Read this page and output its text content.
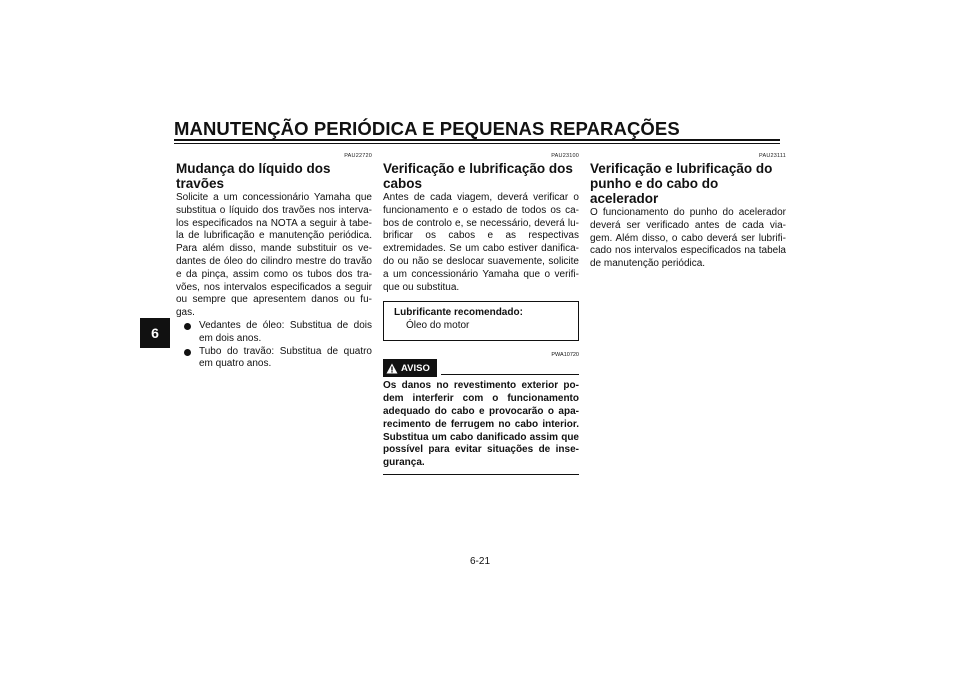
MANUTENÇÃO PERIÓDICA E PEQUENAS REPARAÇÕES
6
PAU22720
Mudança do líquido dos travões

Solicite a um concessionário Yamaha que substitua o líquido dos travões nos intervalos especificados na NOTA a seguir à tabela de lubrificação e manutenção periódica. Para além disso, mande substituir os vedantes de óleo do cilindro mestre do travão e da pinça, assim como os tubos dos travões, nos intervalos especificados a seguir ou sempre que apresentem danos ou fugas.

Vedantes de óleo: Substitua de dois em dois anos.
Tubo do travão: Substitua de quatro em quatro anos.
PAU23100
Verificação e lubrificação dos cabos

Antes de cada viagem, deverá verificar o funcionamento e o estado de todos os cabos de controlo e, se necessário, deverá lubrificar os cabos e as respectivas extremidades. Se um cabo estiver danificado ou não se deslocar suavemente, solicite a um concessionário Yamaha que o verifique ou substitua.

Lubrificante recomendado:
Óleo do motor
PWA10720
AVISO

Os danos no revestimento exterior podem interferir com o funcionamento adequado do cabo e provocarão o aparecimento de ferrugem no cabo interior. Substitua um cabo danificado assim que possível para evitar situações de insegurança.

PAU23111
Verificação e lubrificação do punho e do cabo do acelerador

O funcionamento do punho do acelerador deverá ser verificado antes de cada viagem. Além disso, o cabo deverá ser lubrificado nos intervalos especificados na tabela de manutenção periódica.

6-21
